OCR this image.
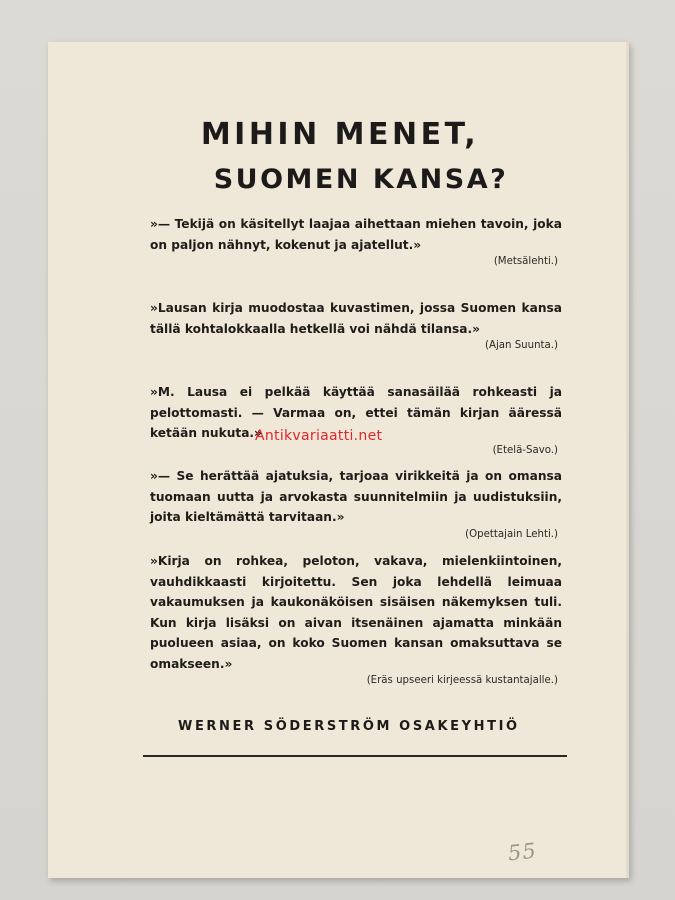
MIHIN MENET,
SUOMEN KANSA?

»— Tekijä on käsitellyt laajaa aihettaan miehen tavoin, joka on paljon nähnyt, kokenut ja ajatellut.»

(Metsälehti.)

»Lausan kirja muodostaa kuvastimen, jossa Suomen kansa tällä kohtalokkaalla hetkellä voi nähdä tilansa.»

(Ajan Suunta.)

»M. Lausa ei pelkää käyttää sanasäilää rohkeasti ja pelottomasti. — Varmaa on, ettei tämän kirjan ääressä ketään nukuta.»

(Etelä-Savo.)

»— Se herättää ajatuksia, tarjoaa virikkeitä ja on omansa tuomaan uutta ja arvokasta suunnitelmiin ja uudistuksiin, joita kieltämättä tarvitaan.»

(Opettajain Lehti.)

»Kirja on rohkea, peloton, vakava, mielenkiintoinen, vauhdikkaasti kirjoitettu. Sen joka lehdellä leimuaa vakaumuksen ja kaukonäköisen sisäisen näkemyksen tuli. Kun kirja lisäksi on aivan itsenäinen ajamatta minkään puolueen asiaa, on koko Suomen kansan omaksuttava se omakseen.»

(Eräs upseeri kirjeessä kustantajalle.)
WERNER SÖDERSTRÖM OSAKEYHTIÖ
55
Antikvariaatti.net
